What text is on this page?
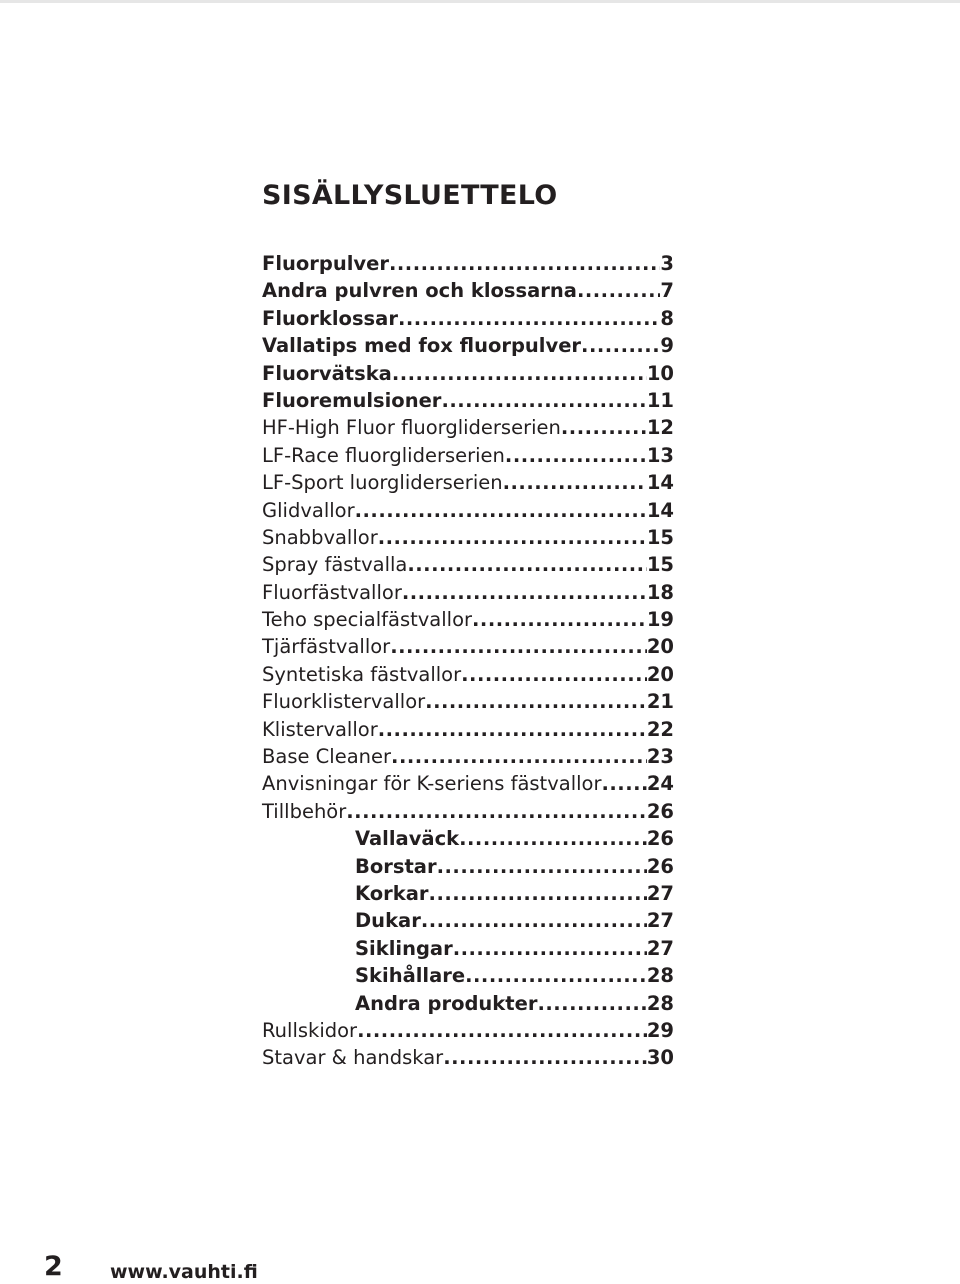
SISÄLLYSLUETTELO
Fluorpulver .....	3
Andra pulvren och klossarna .....	7
Fluorklossar .....	8
Vallatips med fox fluorpulver .....	9
Fluorvätska .....	10
Fluoremulsioner .....	11
HF-High Fluor fluorgliderserien .....	12
LF-Race fluorgliderserien .....	13
LF-Sport luorgliderserien .....	14
Glidvallor .....	14
Snabbvallor .....	15
Spray fästvalla .....	15
Fluorfästvallor .....	18
Teho specialfästvallor .....	19
Tjärfästvallor .....	20
Syntetiska fästvallor .....	20
Fluorklistervallor .....	21
Klistervallor .....	22
Base Cleaner .....	23
Anvisningar för K-seriens fästvallor ..... 24
Tillbehör .....	26
Vallaväck .....	26
Borstar .....	26
Korkar .....	27
Dukar .....	27
Siklingar .....	27
Skihållare .....	28
Andra produkter .....	28
Rullskidor .....	29
Stavar & handskar .....	30
2 www.vauhti.fi
